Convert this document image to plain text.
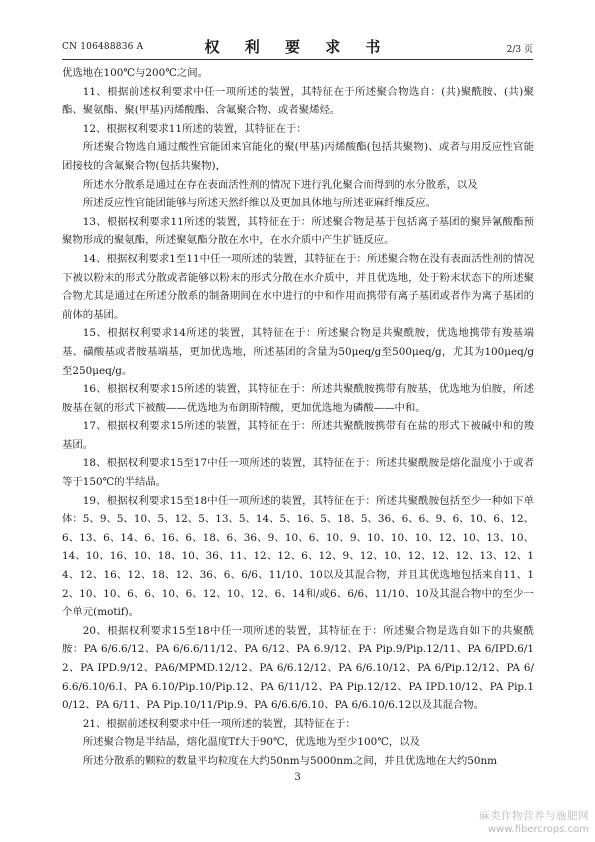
CN 106488836 A	权 利 要 求 书	2/3 页

优选地在100℃与200℃之间。

11、根据前述权利要求中任一项所述的装置，其特征在于所述聚合物选自：(共)聚酰胺、(共)聚酯、聚氨酯、聚(甲基)丙烯酸酯、含氟聚合物、或者聚烯烃。

12、根据权利要求11所述的装置，其特征在于：

所述聚合物选自通过酸性官能团来官能化的聚(甲基)丙烯酸酯(包括共聚物)、或者与用反应性官能团接枝的含氟聚合物(包括共聚物)，

所述水分散系是通过在存在表面活性剂的情况下进行乳化聚合而得到的水分散系，以及

所述反应性官能团能够与所述天然纤维以及更加具体地与所述亚麻纤维反应。

13、根据权利要求11所述的装置，其特征在于：所述聚合物是基于包括离子基团的聚异氰酸酯预聚物形成的聚氨酯，所述聚氨酯分散在水中，在水介质中产生扩链反应。

14、根据权利要求1至11中任一项所述的装置，其特征在于：所述聚合物在没有表面活性剂的情况下被以粉末的形式分散或者能够以粉末的形式分散在水介质中，并且优选地，处于粉末状态下的所述聚合物尤其是通过在所述分散系的制备期间在水中进行的中和作用而携带有离子基团或者作为离子基团的前体的基团。

15、根据权利要求14所述的装置，其特征在于：所述聚合物是共聚酰胺，优选地携带有羧基端基、磺酸基或者胺基端基，更加优选地，所述基团的含量为50μeq/g至500μeq/g，尤其为100μeq/g至250μeq/g。

16、根据权利要求15所述的装置，其特征在于：所述共聚酰胺携带有胺基，优选地为伯胺，所述胺基在氨的形式下被酸——优选地为布朗斯特酸，更加优选地为磷酸——中和。

17、根据权利要求15所述的装置，其特征在于：所述共聚酰胺携带有在盐的形式下被碱中和的羧基团。

18、根据权利要求15至17中任一项所述的装置，其特征在于：所述共聚酰胺是熔化温度小于或者等于150℃的半结晶。

19、根据权利要求15至18中任一项所述的装置，其特征在于：所述共聚酰胺包括至少一种如下单体：5、9、5、10、5、12、5、13、5、14、5、16、5、18、5、36、6、6、9、6、10、6、12、6、13、6、14、6、16、6、18、6、36、9、10、6、10、9、10、10、10、12、10、13、10、14、10、16、10、18、10、36、11、12、12、6、12、9、12、10、12、12、12、13、12、14、12、16、12、18、12、36、6、6/6、11/10、10以及其混合物，并且其优选地包括来自11、12、10、10、6、6、10、6、12、10、12、6、14和/或6、6/6、11/10、10及其混合物中的至少一个单元(motif)。

20、根据权利要求15至18中任一项所述的装置，其特征在于：所述聚合物是选自如下的共聚酰胺：PA 6/6.6/12、PA 6/6.6/11/12、PA 6/12、PA 6.9/12、PA Pip.9/Pip.12/11、PA 6/IPD.6/12、PA IPD.9/12、PA6/MPMD.12/12、PA 6/6.12/12、PA 6/6.10/12、PA 6/Pip.12/12、PA 6/6.6/6.10/6.I、PA 6.10/Pip.10/Pip.12、PA 6/11/12、PA Pip.12/12、PA IPD.10/12、PA Pip.10/12、PA 6/11、PA Pip.10/11/Pip.9、PA 6/6.6/6.10、PA 6/6.10/6.12以及其混合物。

21、根据前述权利要求中任一项所述的装置，其特征在于：

所述聚合物是半结晶，熔化温度Tf大于90℃，优选地为至少100℃，以及

所述分散系的颗粒的数量平均粒度在大约50nm与5000nm之间，并且优选地在大约50nm

3
麻类作物营养与施肥网
www.fibercrops.com
